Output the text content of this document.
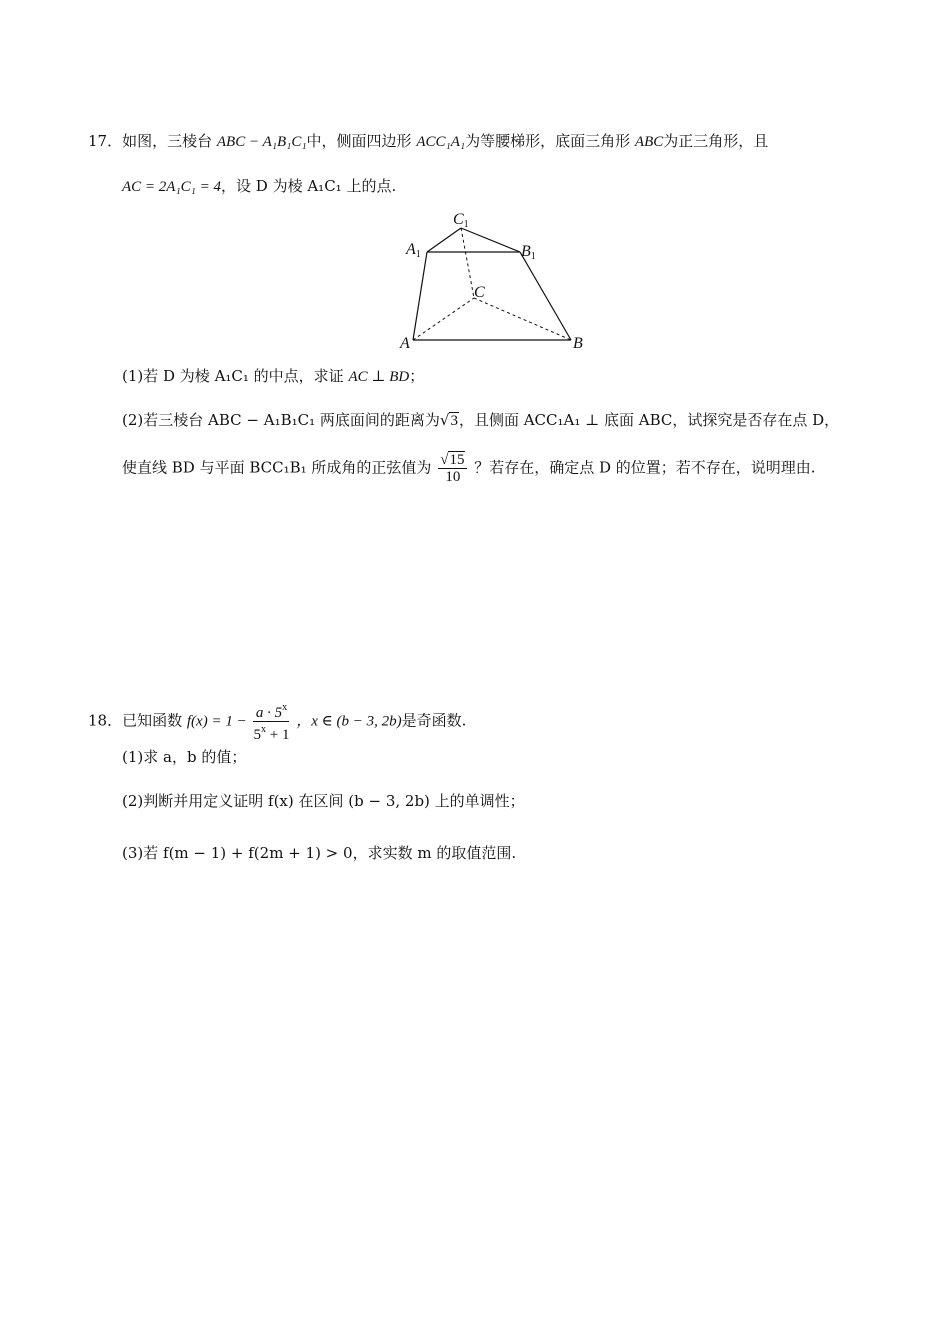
17．如图，三棱台 ABC − A₁B₁C₁中，侧面四边形 ACC₁A₁为等腰梯形，底面三角形 ABC为正三角形，且
AC = 2A₁C₁ = 4，设 D 为棱 A₁C₁ 上的点.
C1
A1	B1
C
A	B
(1)若 D 为棱 A₁C₁ 的中点，求证 AC ⊥ BD；
(2)若三棱台 ABC − A₁B₁C₁ 两底面间的距离为√3，且侧面 ACC₁A₁ ⊥ 底面 ABC，试探究是否存在点 D，
使直线 BD 与平面 BCC₁B₁ 所成角的正弦值为 $\frac{√15}{10}$ ？若存在，确定点 D 的位置；若不存在，说明理由.
18．已知函数 $f(x) = 1 - \frac{a \cdot 5^x}{5^x + 1}$ ，x ∈ (b − 3, 2b)是奇函数.
(1)求 a，b 的值；
(2)判断并用定义证明 f(x) 在区间 (b − 3, 2b) 上的单调性；
(3)若 f(m − 1) + f(2m + 1) > 0，求实数 m 的取值范围.
